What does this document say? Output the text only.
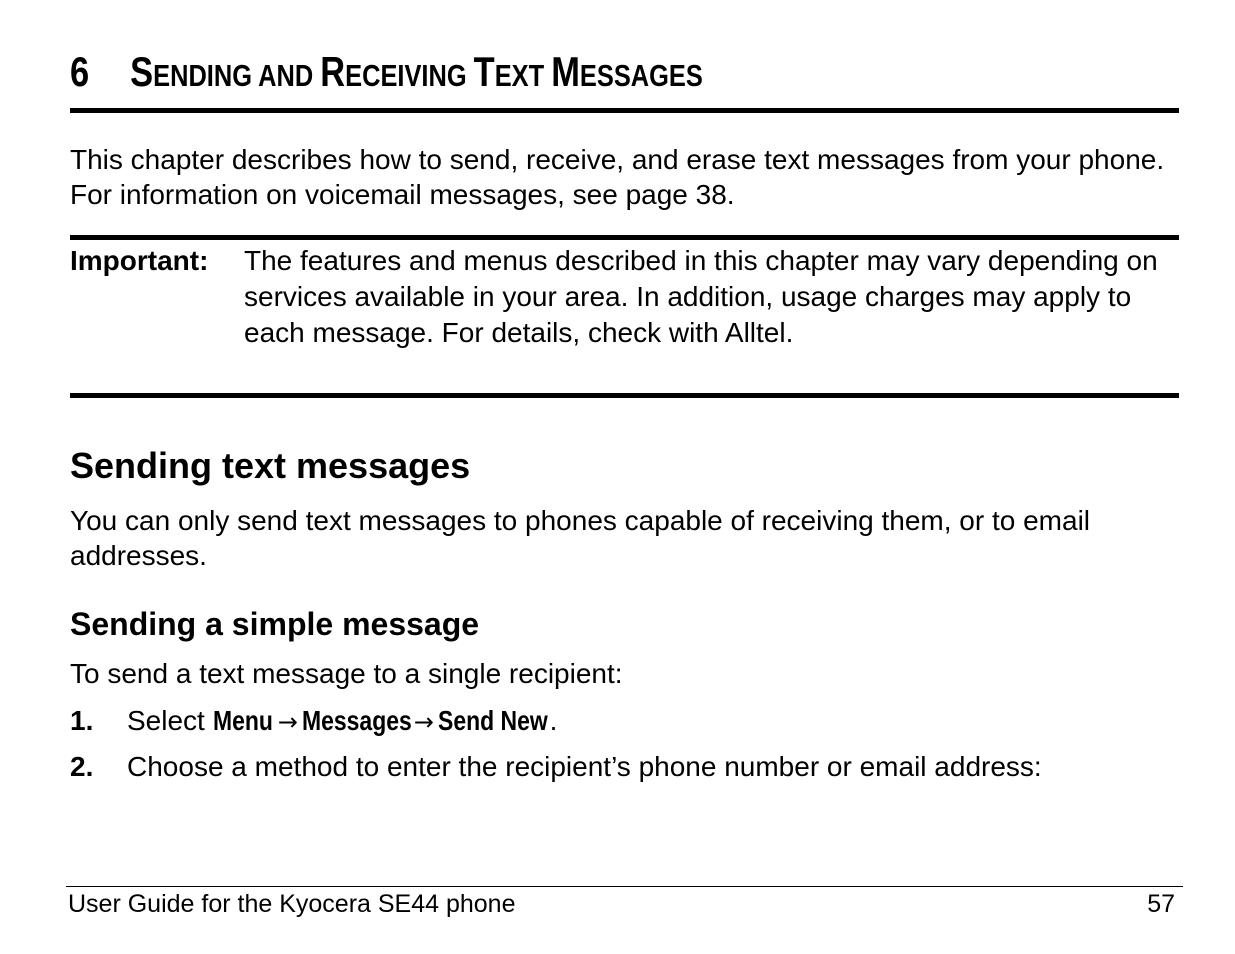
6 SENDING AND RECEIVING TEXT MESSAGES
This chapter describes how to send, receive, and erase text messages from your phone. For information on voicemail messages, see page 38.
Important: The features and menus described in this chapter may vary depending on services available in your area. In addition, usage charges may apply to each message. For details, check with Alltel.
Sending text messages
You can only send text messages to phones capable of receiving them, or to email addresses.
Sending a simple message
To send a text message to a single recipient:
1. Select Menu → Messages→ Send New.
2. Choose a method to enter the recipient’s phone number or email address:
User Guide for the Kyocera SE44 phone	57
